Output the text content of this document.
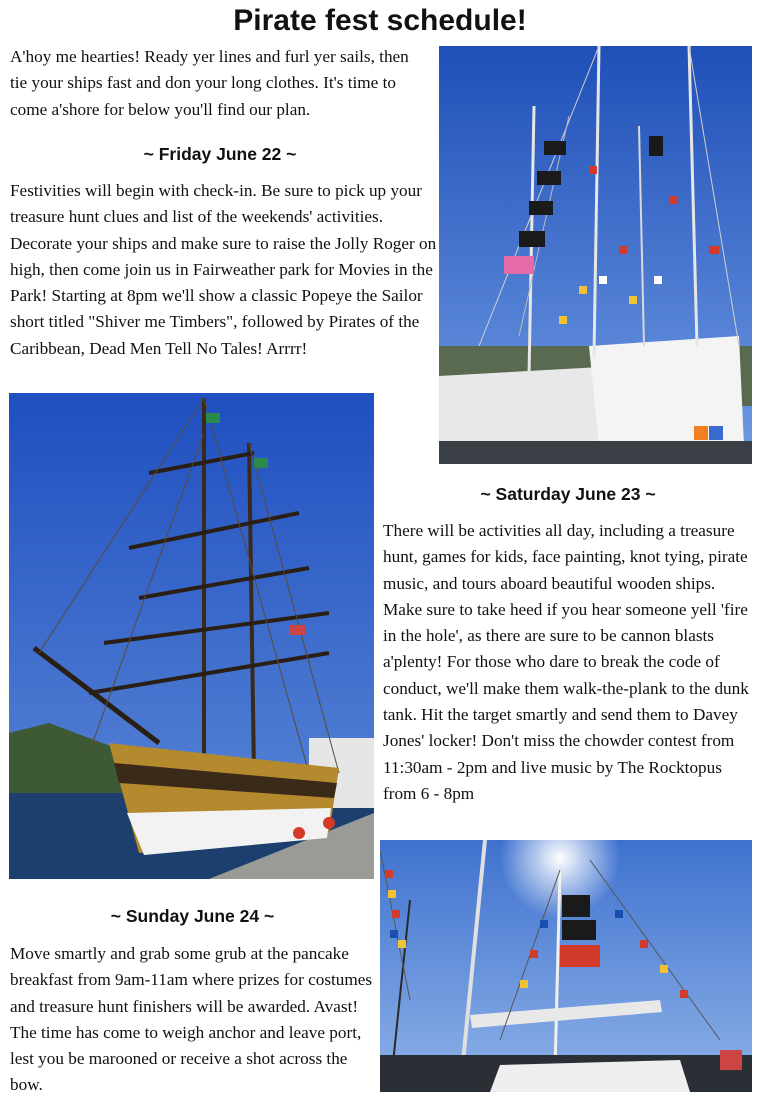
Pirate fest schedule!

A'hoy me hearties! Ready yer lines and furl yer sails, then tie your ships fast and don your long clothes. It's time to come a'shore for below you'll find our plan.

~ Friday June 22 ~

Festivities will begin with check-in. Be sure to pick up your treasure hunt clues and list of the weekends' activities. Decorate your ships and make sure to raise the Jolly Roger on high, then come join us in Fairweather park for Movies in the Park! Starting at 8pm we'll show a classic Popeye the Sailor short titled "Shiver me Timbers", followed by Pirates of the Caribbean, Dead Men Tell No Tales! Arrrr!

~ Saturday June 23 ~

There will be activities all day, including a treasure hunt, games for kids, face painting, knot tying, pirate music, and tours aboard beautiful wooden ships. Make sure to take heed if you hear someone yell 'fire in the hole', as there are sure to be cannon blasts a'plenty! For those who dare to break the code of conduct, we'll make them walk-the-plank to the dunk tank. Hit the target smartly and send them to Davey Jones' locker! Don't miss the chowder contest from 11:30am - 2pm and live music by The Rocktopus from 6 - 8pm

~ Sunday June 24 ~

Move smartly and grab some grub at the pancake breakfast from 9am-11am where prizes for costumes and treasure hunt finishers will be awarded. Avast! The time has come to weigh anchor and leave port, lest you be marooned or receive a shot across the bow.
